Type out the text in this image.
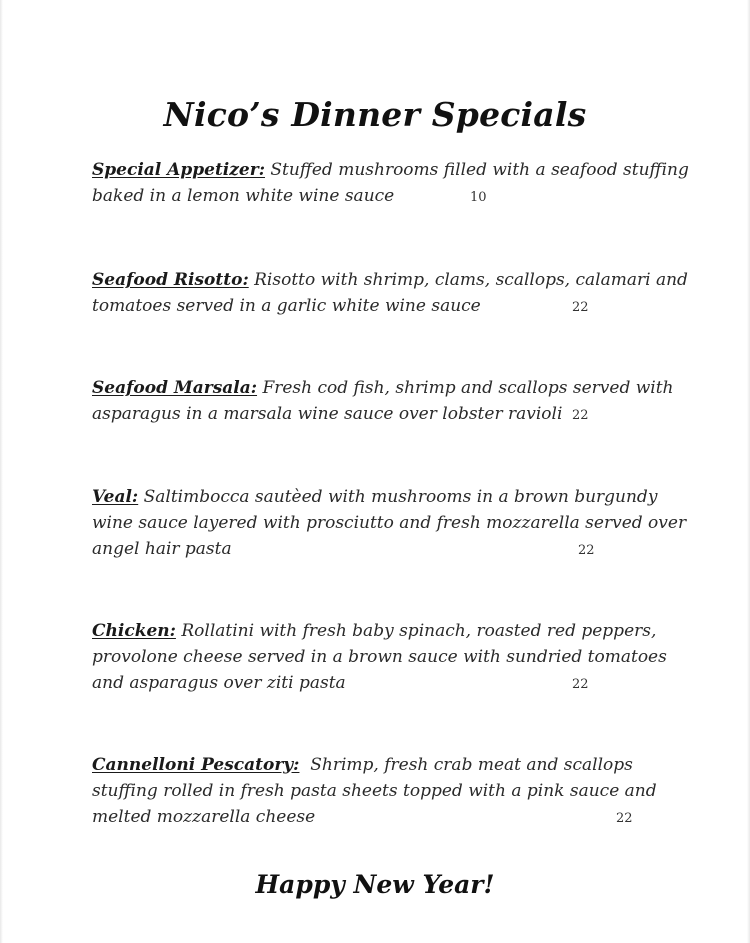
Nico’s Dinner Specials
Special Appetizer: Stuffed mushrooms filled with a seafood stuffing
baked in a lemon white wine sauce	10
Seafood Risotto: Risotto with shrimp, clams, scallops, calamari and
tomatoes served in a garlic white wine sauce	22
Seafood Marsala: Fresh cod fish, shrimp and scallops served with
asparagus in a marsala wine sauce over lobster ravioli 22
Veal: Saltimbocca sautèed with mushrooms in a brown burgundy
wine sauce layered with prosciutto and fresh mozzarella served over
angel hair pasta	22
Chicken: Rollatini with fresh baby spinach, roasted red peppers,
provolone cheese served in a brown sauce with sundried tomatoes
and asparagus over ziti pasta	22
Cannelloni Pescatory: Shrimp, fresh crab meat and scallops
stuffing rolled in fresh pasta sheets topped with a pink sauce and
melted mozzarella cheese	22
Happy New Year!
